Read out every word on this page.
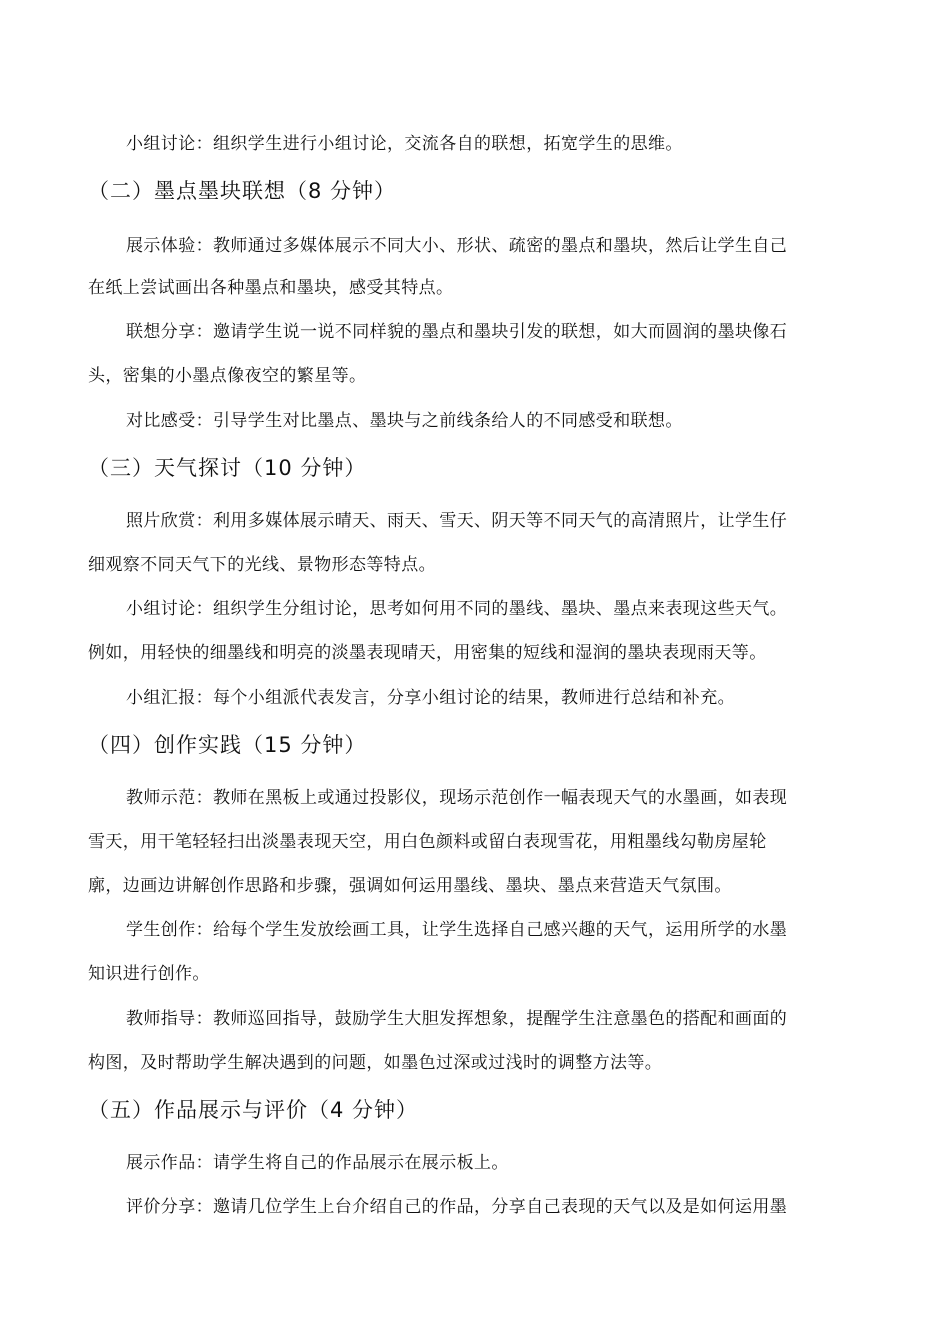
小组讨论：组织学生进行小组讨论，交流各自的联想，拓宽学生的思维。
（二）墨点墨块联想（8 分钟）
展示体验：教师通过多媒体展示不同大小、形状、疏密的墨点和墨块，然后让学生自己
在纸上尝试画出各种墨点和墨块，感受其特点。
联想分享：邀请学生说一说不同样貌的墨点和墨块引发的联想，如大而圆润的墨块像石
头，密集的小墨点像夜空的繁星等。
对比感受：引导学生对比墨点、墨块与之前线条给人的不同感受和联想。
（三）天气探讨（10 分钟）
照片欣赏：利用多媒体展示晴天、雨天、雪天、阴天等不同天气的高清照片，让学生仔
细观察不同天气下的光线、景物形态等特点。
小组讨论：组织学生分组讨论，思考如何用不同的墨线、墨块、墨点来表现这些天气。
例如，用轻快的细墨线和明亮的淡墨表现晴天，用密集的短线和湿润的墨块表现雨天等。
小组汇报：每个小组派代表发言，分享小组讨论的结果，教师进行总结和补充。
（四）创作实践（15 分钟）
教师示范：教师在黑板上或通过投影仪，现场示范创作一幅表现天气的水墨画，如表现
雪天，用干笔轻轻扫出淡墨表现天空，用白色颜料或留白表现雪花，用粗墨线勾勒房屋轮
廓，边画边讲解创作思路和步骤，强调如何运用墨线、墨块、墨点来营造天气氛围。
学生创作：给每个学生发放绘画工具，让学生选择自己感兴趣的天气，运用所学的水墨
知识进行创作。
教师指导：教师巡回指导，鼓励学生大胆发挥想象，提醒学生注意墨色的搭配和画面的
构图，及时帮助学生解决遇到的问题，如墨色过深或过浅时的调整方法等。
（五）作品展示与评价（4 分钟）
展示作品：请学生将自己的作品展示在展示板上。
评价分享：邀请几位学生上台介绍自己的作品，分享自己表现的天气以及是如何运用墨
